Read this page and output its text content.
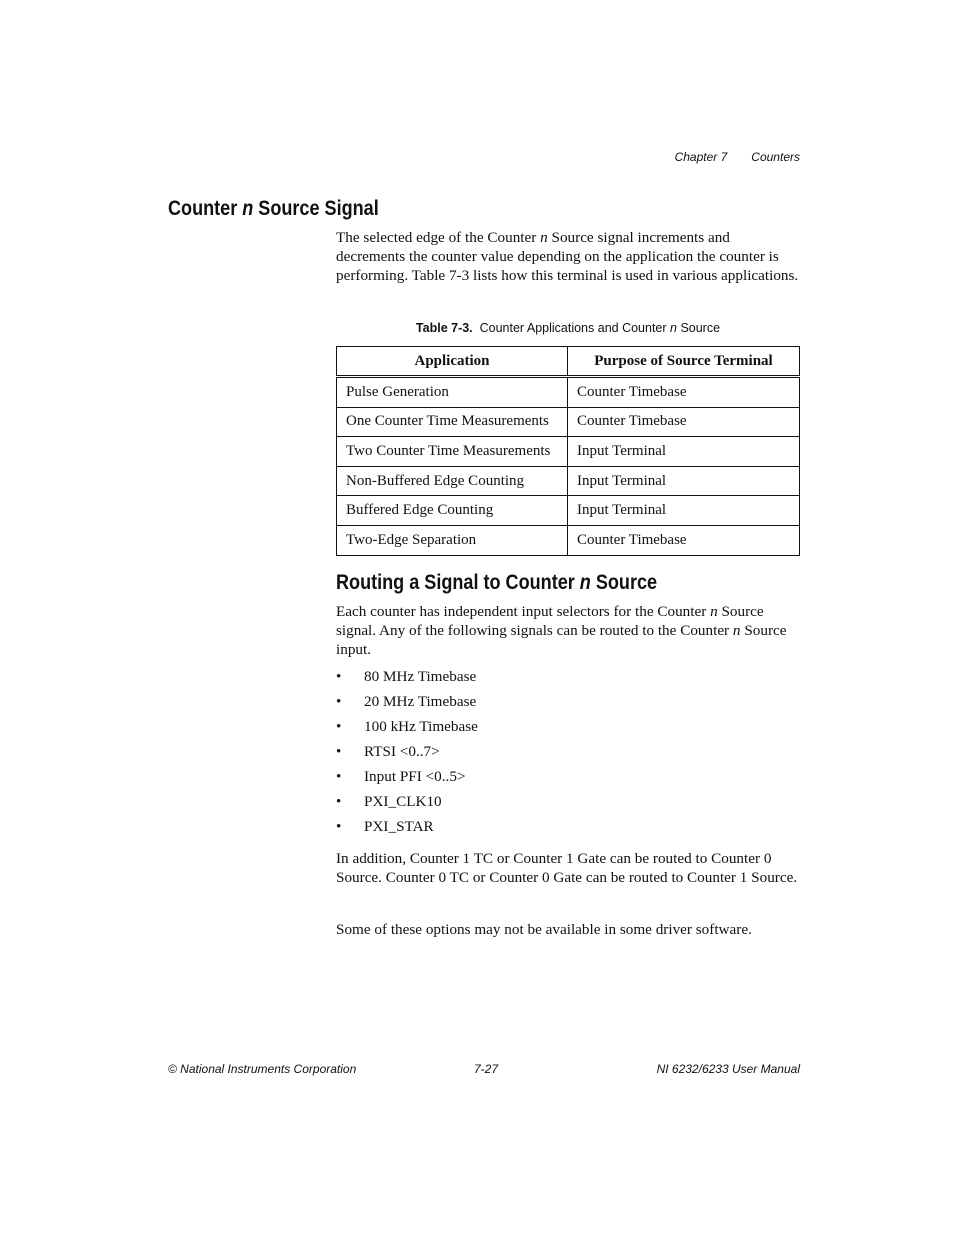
Chapter 7 Counters
Counter n Source Signal
The selected edge of the Counter n Source signal increments and decrements the counter value depending on the application the counter is performing. Table 7-3 lists how this terminal is used in various applications.
Table 7-3. Counter Applications and Counter n Source
Application	Purpose of Source Terminal
Pulse Generation	Counter Timebase
One Counter Time Measurements	Counter Timebase
Two Counter Time Measurements	Input Terminal
Non-Buffered Edge Counting	Input Terminal
Buffered Edge Counting	Input Terminal
Two-Edge Separation	Counter Timebase
Routing a Signal to Counter n Source
Each counter has independent input selectors for the Counter n Source signal. Any of the following signals can be routed to the Counter n Source input.
• 80 MHz Timebase
• 20 MHz Timebase
• 100 kHz Timebase
• RTSI <0..7>
• Input PFI <0..5>
• PXI_CLK10
• PXI_STAR
In addition, Counter 1 TC or Counter 1 Gate can be routed to Counter 0 Source. Counter 0 TC or Counter 0 Gate can be routed to Counter 1 Source.
Some of these options may not be available in some driver software.
© National Instruments Corporation	7-27	NI 6232/6233 User Manual
